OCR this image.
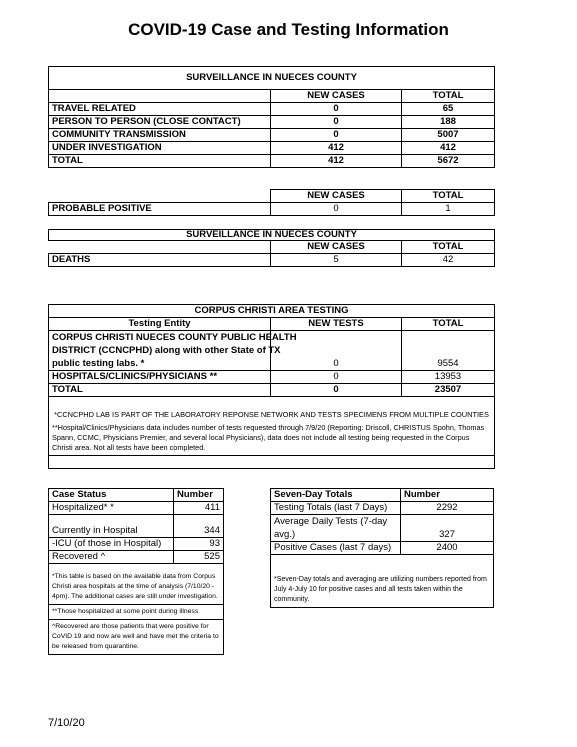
COVID-19 Case and Testing Information
SURVEILLANCE IN NUECES COUNTY		
	NEW CASES	TOTAL
TRAVEL RELATED	0	65
PERSON TO PERSON (CLOSE CONTACT)	0	188
COMMUNITY TRANSMISSION	0	5007
UNDER INVESTIGATION	412	412
TOTAL	412	5672
	NEW CASES	TOTAL
PROBABLE POSITIVE	0	1
SURVEILLANCE IN NUECES COUNTY		
	NEW CASES	TOTAL
DEATHS	5	42
CORPUS CHRISTI AREA TESTING		
Testing Entity	NEW TESTS	TOTAL

CORPUS CHRISTI NUECES COUNTY PUBLIC HEALTH
DISTRICT (CCNCPHD) along with other State of TX
public testing labs. *	0	9554
HOSPITALS/CLINICS/PHYSICIANS **	0	13953
TOTAL	0	23507

*CCNCPHD LAB IS PART OF THE LABORATORY REPONSE NETWORK AND TESTS SPECIMENS FROM MULTIPLE COUNTIES		
**Hospital/Clinics/Physicians data includes number of tests requested through 7/9/20 (Reporting: Driscoll, CHRISTUS Spohn, Thomas Spann, CCMC, Physicians Premier, and several local Physicians), data does not include all testing being requested in the Corpus Christi area. Not all tests have been completed.		

Case Status	Number
Hospitalized* *	411
Currently in Hospital	344
-ICU (of those in Hospital)	93
Recovered ^	525
*This table is based on the available data from Corpus Christi area hospitals at the time of analysis (7/10/20 - 4pm). The additional cases are still under investigation.	
**Those hospitalized at some point during illness	
^Recovered are those patients that were positive for CoVID 19 and now are well and have met the criteria to be released from quarantine.	
Seven-Day Totals	Number
Testing Totals (last 7 Days)	2292

Average Daily Tests (7-day
avg.)	327
Positive Cases (last 7 days)	2400
*Seven-Day totals and averaging are utilizing numbers reported from July 4-July 10 for positive cases and all tests taken within the community.	
7/10/20
